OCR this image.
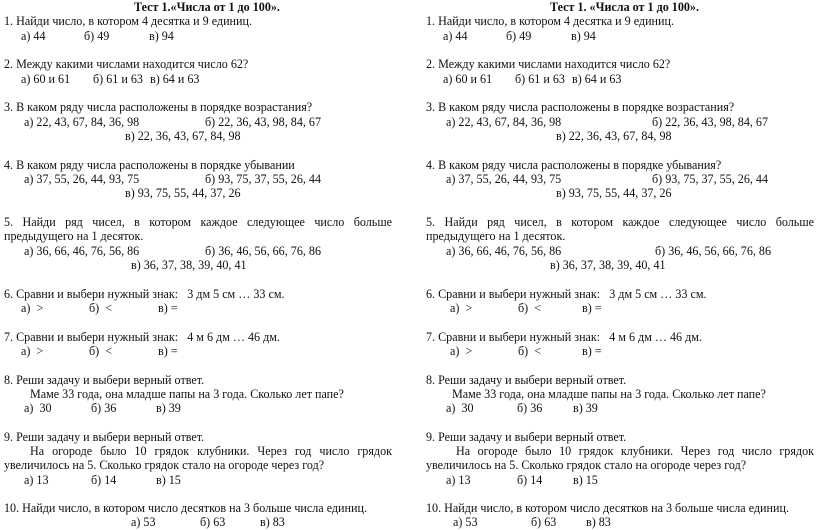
Тест 1.«Числа от 1 до 100».
1. Найди число, в котором 4 десятка и 9 единиц.
а) 44	б) 49	в) 94
2. Между какими числами находится число 62?
а) 60 и 61 б) 61 и 63 в) 64 и 63
3. В каком ряду числа расположены в порядке возрастания?
а) 22, 43, 67, 84, 36, 98	б) 22, 36, 43, 98, 84, 67
в) 22, 36, 43, 67, 84, 98
4. В каком ряду числа расположены в порядке убывании
а) 37, 55, 26, 44, 93, 75	б) 93, 75, 37, 55, 26, 44
в) 93, 75, 55, 44, 37, 26
5. Найди ряд чисел, в котором каждое следующее число больше
предыдущего на 1 десяток.
а) 36, 66, 46, 76, 56, 86	б) 36, 46, 56, 66, 76, 86
в) 36, 37, 38, 39, 40, 41
6. Сравни и выбери нужный знак:   3 дм 5 см … 33 см.
а)  >	б)  <	в) =
7. Сравни и выбери нужный знак:   4 м 6 дм … 46 дм.
а)  >	б)  <	в) =
8. Реши задачу и выбери верный ответ.
Маме 33 года, она младше папы на 3 года. Сколько лет папе?
а)  30	б) 36	в) 39
9. Реши задачу и выбери верный ответ.
На огороде было 10 грядок клубники. Через год число грядок
увеличилось на 5. Сколько грядок стало на огороде через год?
а) 13	б) 14	в) 15
10. Найди число, в котором число десятков на 3 больше числа единиц.
а) 53	б) 63	в) 83
Тест 1. «Числа от 1 до 100».
1. Найди число, в котором 4 десятка и 9 единиц.
а) 44	б) 49	в) 94
2. Между какими числами находится число 62?
а) 60 и 61 б) 61 и 63 в) 64 и 63
3. В каком ряду числа расположены в порядке возрастания?
а) 22, 43, 67, 84, 36, 98	б) 22, 36, 43, 98, 84, 67
в) 22, 36, 43, 67, 84, 98
4. В каком ряду числа расположены в порядке убывания?
а) 37, 55, 26, 44, 93, 75	б) 93, 75, 37, 55, 26, 44
в) 93, 75, 55, 44, 37, 26
5. Найди ряд чисел, в котором каждое следующее число больше
предыдущего на 1 десяток.
а) 36, 66, 46, 76, 56, 86	б) 36, 46, 56, 66, 76, 86
в) 36, 37, 38, 39, 40, 41
6. Сравни и выбери нужный знак:   3 дм 5 см … 33 см.
а)  >	б)  <	в) =
7. Сравни и выбери нужный знак:   4 м 6 дм … 46 дм.
а)  >	б)  <	в) =
8. Реши задачу и выбери верный ответ.
Маме 33 года, она младше папы на 3 года. Сколько лет папе?
а)  30	б) 36	в) 39
9. Реши задачу и выбери верный ответ.
На огороде было 10 грядок клубники. Через год число грядок
увеличилось на 5. Сколько грядок стало на огороде через год?
а) 13	б) 14	в) 15
10. Найди число, в котором число десятков на 3 больше числа единиц.
а) 53	б) 63 в) 83
